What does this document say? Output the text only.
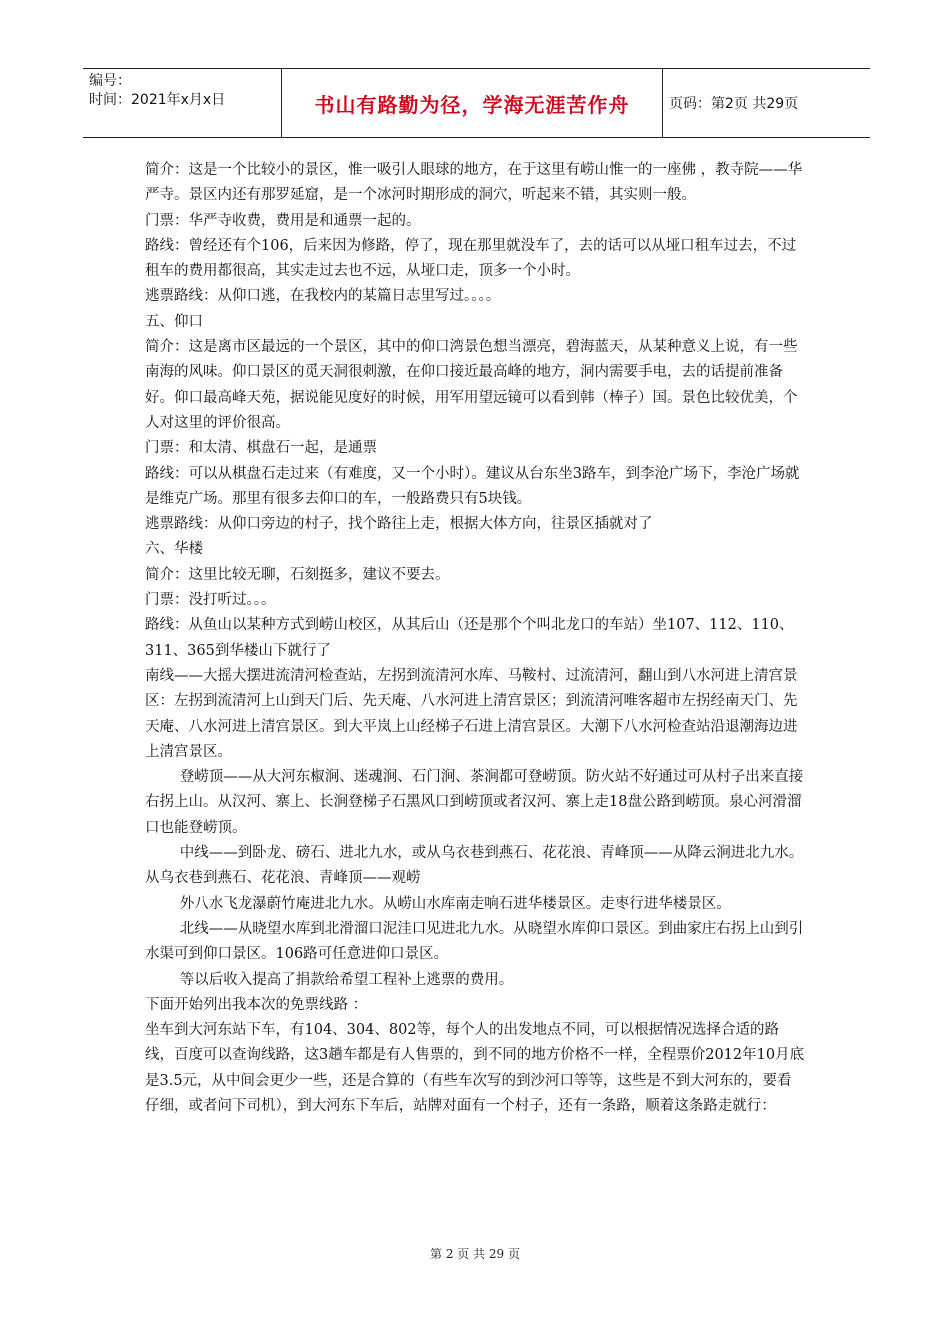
编号：
时间：2021年x月x日	书山有路勤为径，学海无涯苦作舟	页码：第2页 共29页

简介：这是一个比较小的景区，惟一吸引人眼球的地方，在于这里有崂山惟一的一座佛 ，教寺院——华严寺。景区内还有那罗延窟，是一个冰河时期形成的洞穴，听起来不错，其实则一般。

门票：华严寺收费，费用是和通票一起的。

路线：曾经还有个106，后来因为修路，停了，现在那里就没车了，去的话可以从垭口租车过去，不过租车的费用都很高，其实走过去也不远，从垭口走，顶多一个小时。

逃票路线：从仰口逃，在我校内的某篇日志里写过。。。。

五、仰口

简介：这是离市区最远的一个景区，其中的仰口湾景色想当漂亮，碧海蓝天，从某种意义上说，有一些南海的风味。仰口景区的觅天洞很刺激，在仰口接近最高峰的地方，洞内需要手电，去的话提前准备好。仰口最高峰天苑，据说能见度好的时候，用军用望远镜可以看到韩（棒子）国。景色比较优美，个人对这里的评价很高。

门票：和太清、棋盘石一起，是通票

路线：可以从棋盘石走过来（有难度，又一个小时）。建议从台东坐3路车，到李沧广场下，李沧广场就是维克广场。那里有很多去仰口的车，一般路费只有5块钱。

逃票路线：从仰口旁边的村子，找个路往上走，根据大体方向，往景区插就对了

六、华楼

简介：这里比较无聊，石刻挺多，建议不要去。

门票：没打听过。。。

路线：从鱼山以某种方式到崂山校区，从其后山（还是那个个叫北龙口的车站）坐107、112、110、311、365到华楼山下就行了

南线——大摇大摆进流清河检查站，左拐到流清河水库、马鞍村、过流清河，翻山到八水河进上清宫景区：左拐到流清河上山到天门后、先天庵、八水河进上清宫景区；到流清河唯客超市左拐经南天门、先天庵、八水河进上清宫景区。到大平岚上山经梯子石进上清宫景区。大潮下八水河检查站沿退潮海边进上清宫景区。

登崂顶——从大河东椒涧、迷魂涧、石门涧、茶涧都可登崂顶。防火站不好通过可从村子出来直接右拐上山。从汉河、寨上、长涧登梯子石黑风口到崂顶或者汉河、寨上走18盘公路到崂顶。泉心河滑溜口也能登崂顶。

中线——到卧龙、磅石、进北九水，或从乌衣巷到燕石、花花浪、青峰顶——从降云涧进北九水。从乌衣巷到燕石、花花浪、青峰顶——观崂

外八水飞龙瀑蔚竹庵进北九水。从崂山水库南走响石进华楼景区。走枣行进华楼景区。

北线——从晓望水库到北滑溜口泥洼口见进北九水。从晓望水库仰口景区。到曲家庄右拐上山到引水渠可到仰口景区。106路可任意进仰口景区。

等以后收入提高了捐款给希望工程补上逃票的费用。

下面开始列出我本次的免票线路 ：

坐车到大河东站下车，有104、304、802等，每个人的出发地点不同，可以根据情况选择合适的路线，百度可以查询线路，这3趟车都是有人售票的，到不同的地方价格不一样，全程票价2012年10月底是3.5元，从中间会更少一些，还是合算的（有些车次写的到沙河口等等，这些是不到大河东的，要看仔细，或者问下司机），到大河东下车后，站牌对面有一个村子，还有一条路，顺着这条路走就行：

第 2 页 共 29 页
